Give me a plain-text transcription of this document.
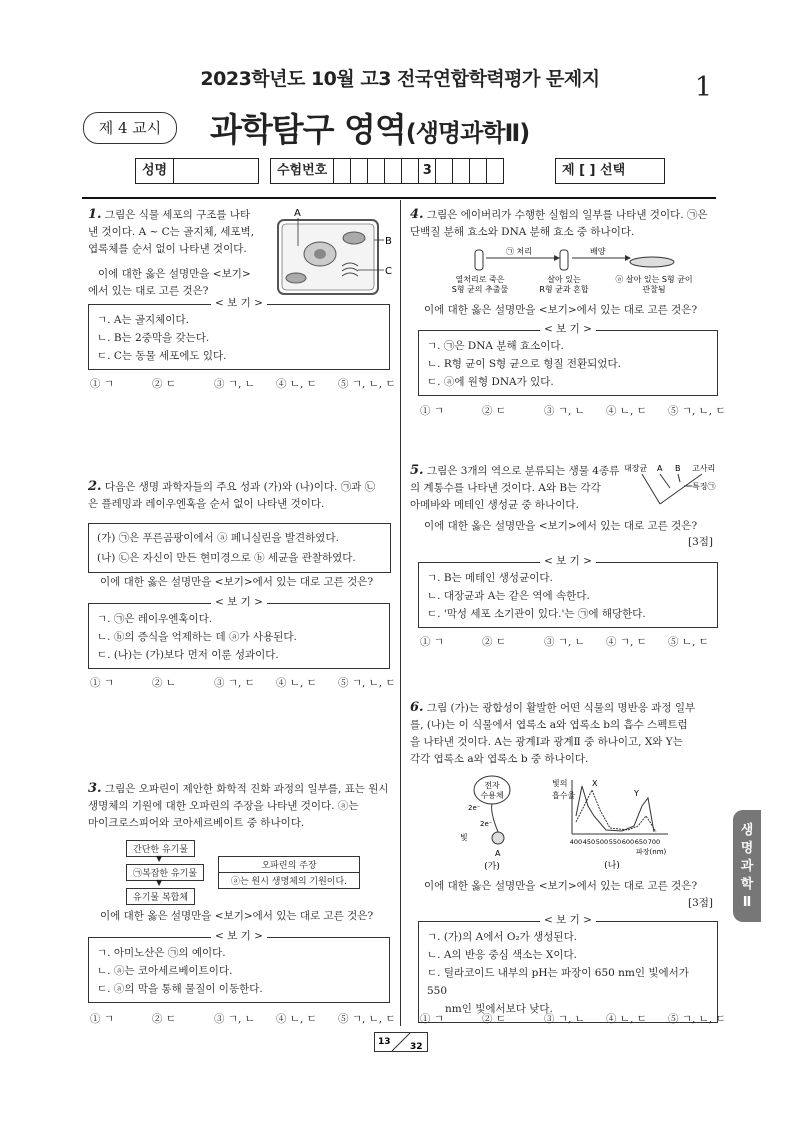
2023학년도 10월 고3 전국연합학력평가 문제지	1
제 4 교시	과학탐구 영역(생명과학Ⅱ)
성명	수험번호	3	제 [ ] 선택
1. 그림은 식물 세포의 구조를 나타
낸 것이다. A ~ C는 골지체, 세포벽,
엽록체를 순서 없이 나타낸 것이다.

이에 대한 옳은 설명만을 <보기>
에서 있는 대로 고른 것은?
A
B
C
< 보 기 >
ㄱ. A는 골지체이다.
ㄴ. B는 2중막을 갖는다.
ㄷ. C는 동물 세포에도 있다.
① ㄱ	② ㄷ	③ ㄱ, ㄴ	④ ㄴ, ㄷ	⑤ ㄱ, ㄴ, ㄷ
2. 다음은 생명 과학자들의 주요 성과 (가)와 (나)이다. ㉠과 ㉡
은 플레밍과 레이우엔훅을 순서 없이 나타낸 것이다.
(가) ㉠은 푸른곰팡이에서 ⓐ 페니실린을 발견하였다.
(나) ㉡은 자신이 만든 현미경으로 ⓑ 세균을 관찰하였다.
이에 대한 옳은 설명만을 <보기>에서 있는 대로 고른 것은?
< 보 기 >
ㄱ. ㉠은 레이우엔훅이다.
ㄴ. ⓑ의 증식을 억제하는 데 ⓐ가 사용된다.
ㄷ. (나)는 (가)보다 먼저 이룬 성과이다.
① ㄱ	② ㄴ	③ ㄱ, ㄷ	④ ㄴ, ㄷ	⑤ ㄱ, ㄴ, ㄷ
3. 그림은 오파린이 제안한 화학적 진화 과정의 일부를, 표는 원시
생명체의 기원에 대한 오파린의 주장을 나타낸 것이다. ⓐ는
마이크로스피어와 코아세르베이트 중 하나이다.
간단한 유기물
▼
㉠복잡한 유기물
▼
유기물 복합체
오파린의 주장
ⓐ는 원시 생명체의 기원이다.
이에 대한 옳은 설명만을 <보기>에서 있는 대로 고른 것은?
< 보 기 >
ㄱ. 아미노산은 ㉠의 예이다.
ㄴ. ⓐ는 코아세르베이트이다.
ㄷ. ⓐ의 막을 통해 물질이 이동한다.
① ㄱ	② ㄷ	③ ㄱ, ㄴ	④ ㄴ, ㄷ	⑤ ㄱ, ㄴ, ㄷ
4. 그림은 에이버리가 수행한 실험의 일부를 나타낸 것이다. ㉠은
단백질 분해 효소와 DNA 분해 효소 중 하나이다.
㉠ 처리	배양
열처리로 죽은
S형 균의 추출물
살아 있는
R형 균과 혼합
ⓐ 살아 있는 S형 균이
관찰됨
이에 대한 옳은 설명만을 <보기>에서 있는 대로 고른 것은?
< 보 기 >
ㄱ. ㉠은 DNA 분해 효소이다.
ㄴ. R형 균이 S형 균으로 형질 전환되었다.
ㄷ. ⓐ에 원형 DNA가 있다.
① ㄱ	② ㄷ	③ ㄱ, ㄴ	④ ㄴ, ㄷ	⑤ ㄱ, ㄴ, ㄷ
5. 그림은 3개의 역으로 분류되는 생물 4종류
의 계통수를 나타낸 것이다. A와 B는 각각
아메바와 메테인 생성균 중 하나이다.
대장균 A B 고사리
특징㉠
이에 대한 옳은 설명만을 <보기>에서 있는 대로 고른 것은?
[3점]
< 보 기 >
ㄱ. B는 메테인 생성균이다.
ㄴ. 대장균과 A는 같은 역에 속한다.
ㄷ. '막성 세포 소기관이 있다.'는 ㉠에 해당한다.
① ㄱ	② ㄷ	③ ㄱ, ㄴ	④ ㄱ, ㄷ	⑤ ㄴ, ㄷ
6. 그림 (가)는 광합성이 활발한 어떤 식물의 명반응 과정 일부
를, (나)는 이 식물에서 엽록소 a와 엽록소 b의 흡수 스펙트럼
을 나타낸 것이다. A는 광계Ⅰ과 광계Ⅱ 중 하나이고, X와 Y는
각각 엽록소 a와 엽록소 b 중 하나이다.
전자
수용체
2e⁻
2e⁻
빛
A
(가)
빛의
흡수율
X
Y
400 450 500 550 600 650 700
파장(nm)
(나)
이에 대한 옳은 설명만을 <보기>에서 있는 대로 고른 것은?
[3점]
< 보 기 >
ㄱ. (가)의 A에서 O₂가 생성된다.
ㄴ. A의 반응 중심 색소는 X이다.
ㄷ. 틸라코이드 내부의 pH는 파장이 650 nm인 빛에서가 550
nm인 빛에서보다 낮다.
① ㄱ	② ㄷ	③ ㄱ, ㄴ	④ ㄴ, ㄷ	⑤ ㄱ, ㄴ, ㄷ
생
명
과
학
Ⅱ
13 32
